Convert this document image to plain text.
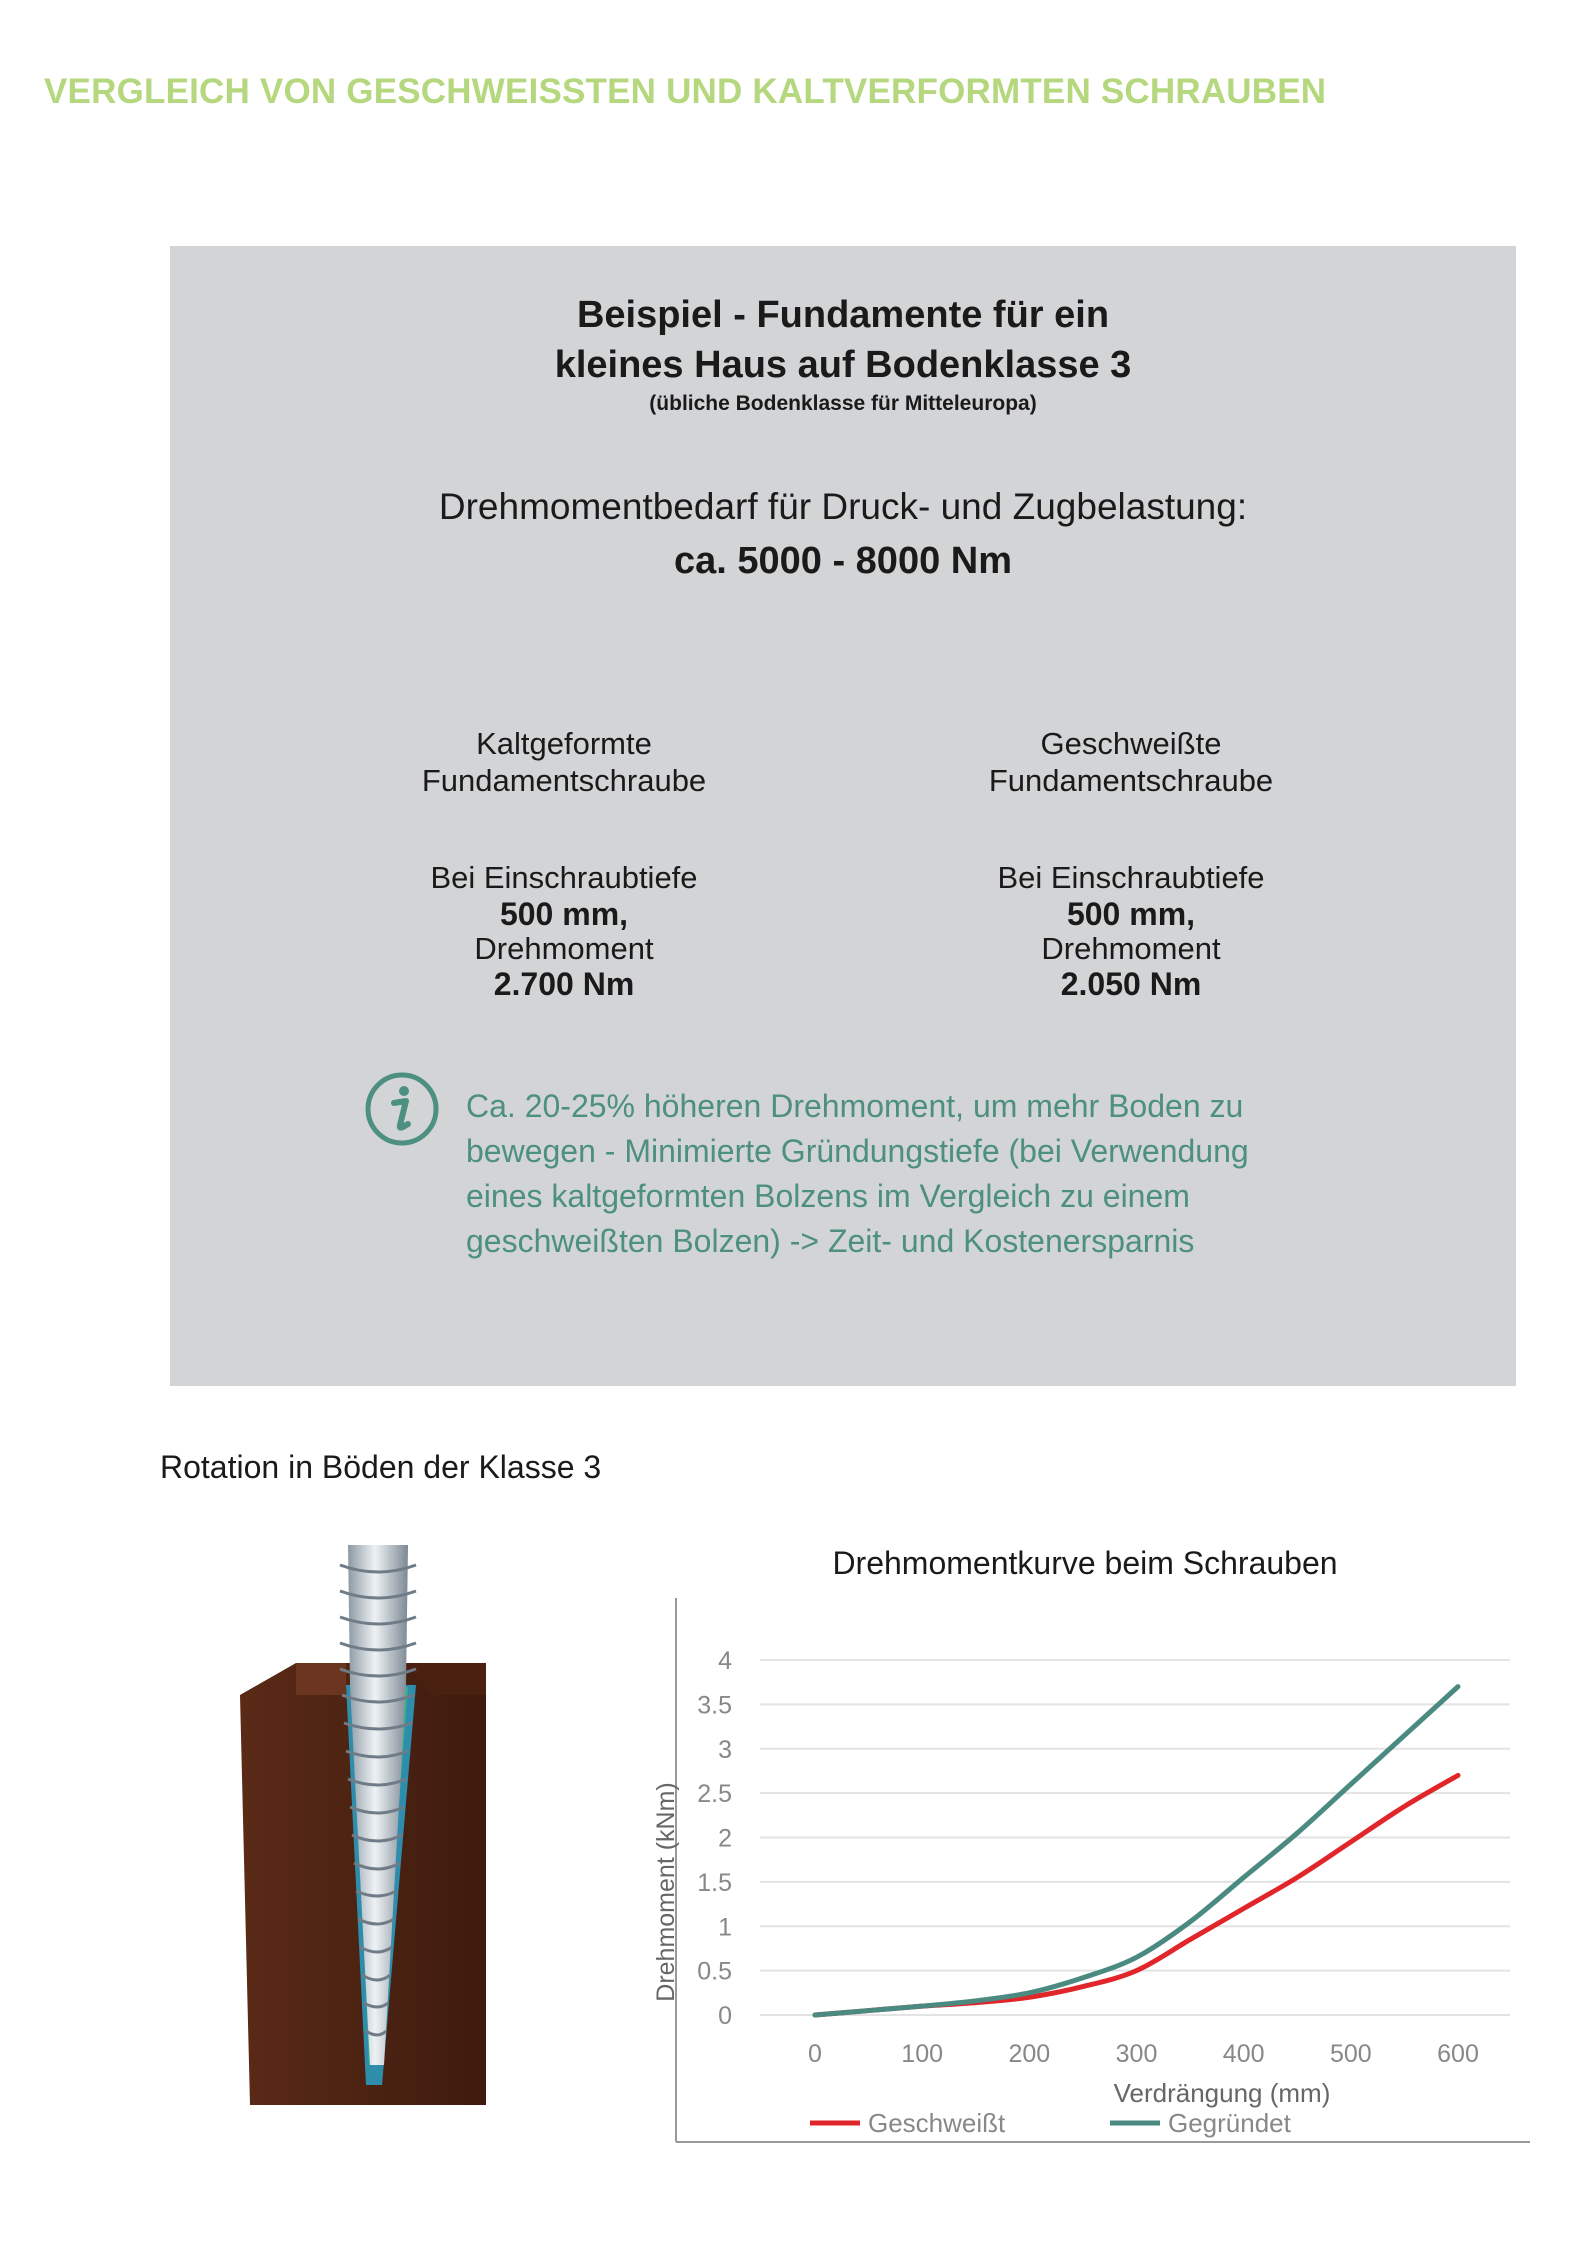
VERGLEICH VON GESCHWEISSTEN UND KALTVERFORMTEN SCHRAUBEN
Beispiel - Fundamente für ein
kleines Haus auf Bodenklasse 3
(übliche Bodenklasse für Mitteleuropa)
Drehmomentbedarf für Druck- und Zugbelastung:
ca. 5000 - 8000 Nm
Kaltgeformte
Fundamentschraube
Bei Einschraubtiefe
500 mm,
Drehmoment
2.700 Nm
Geschweißte
Fundamentschraube
Bei Einschraubtiefe
500 mm,
Drehmoment
2.050 Nm
Ca. 20-25% höheren Drehmoment, um mehr Boden zu
bewegen - Minimierte Gründungstiefe (bei Verwendung
eines kaltgeformten Bolzens im Vergleich zu einem
geschweißten Bolzen) -> Zeit- und Kostenersparnis
Rotation in Böden der Klasse 3
Drehmomentkurve beim Schrauben
0
0.5
1
1.5
2
2.5
3
3.5
4
0	100	200	300	400	500	600
Drehmoment (kNm)
Verdrängung (mm)
Geschweißt	Gegründet
